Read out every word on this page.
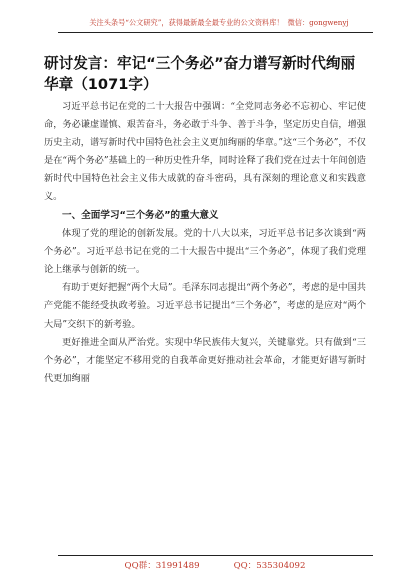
关注头条号“公文研究”，获得最新最全最专业的公文资料库！ 微信：gongwenyj
研讨发言：牢记“三个务必”奋力谱写新时代绚丽华章（1071字）

习近平总书记在党的二十大报告中强调：“全党同志务必不忘初心、牢记使命，务必谦虚谨慎、艰苦奋斗，务必敢于斗争、善于斗争，坚定历史自信，增强历史主动，谱写新时代中国特色社会主义更加绚丽的华章。”这“三个务必”，不仅是在“两个务必”基础上的一种历史性升华，同时诠释了我们党在过去十年间创造新时代中国特色社会主义伟大成就的奋斗密码，具有深刻的理论意义和实践意义。

一、全面学习“三个务必”的重大意义

体现了党的理论的创新发展。党的十八大以来，习近平总书记多次谈到“两个务必”。习近平总书记在党的二十大报告中提出“三个务必”，体现了我们党理论上继承与创新的统一。

有助于更好把握“两个大局”。毛泽东同志提出“两个务必”，考虑的是中国共产党能不能经受执政考验。习近平总书记提出“三个务必”，考虑的是应对“两个大局”交织下的新考验。

更好推进全面从严治党。实现中华民族伟大复兴，关键靠党。只有做到“三个务必”，才能坚定不移用党的自我革命更好推动社会革命，才能更好谱写新时代更加绚丽

QQ群：31991489	QQ：535304092
